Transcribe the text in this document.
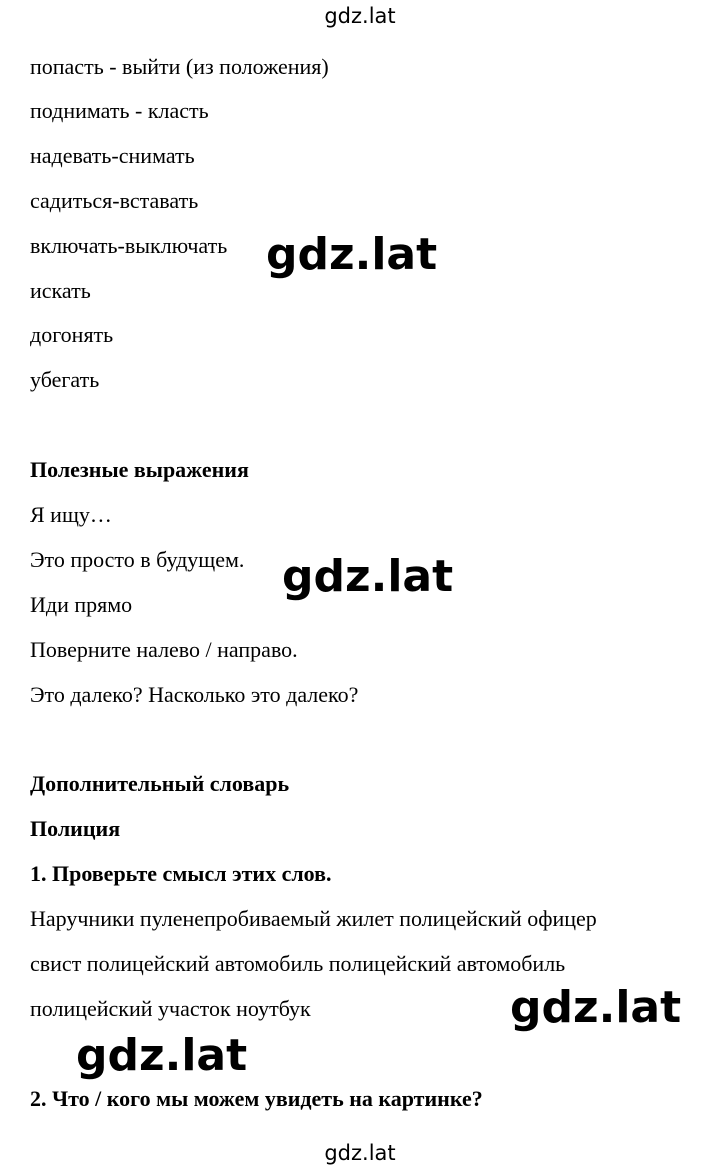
gdz.lat
попасть - выйти (из положения)
поднимать - класть
надевать-снимать
садиться-вставать
включать-выключать
искать
догонять
убегать
Полезные выражения
Я ищу…
Это просто в будущем.
Иди прямо
Поверните налево / направо.
Это далеко? Насколько это далеко?
Дополнительный словарь
Полиция
1. Проверьте смысл этих слов.
Наручники пуленепробиваемый жилет полицейский офицер
свист полицейский автомобиль полицейский автомобиль
полицейский участок ноутбук
2. Что / кого мы можем увидеть на картинке?
gdz.lat
gdz.lat
gdz.lat
gdz.lat
gdz.lat
